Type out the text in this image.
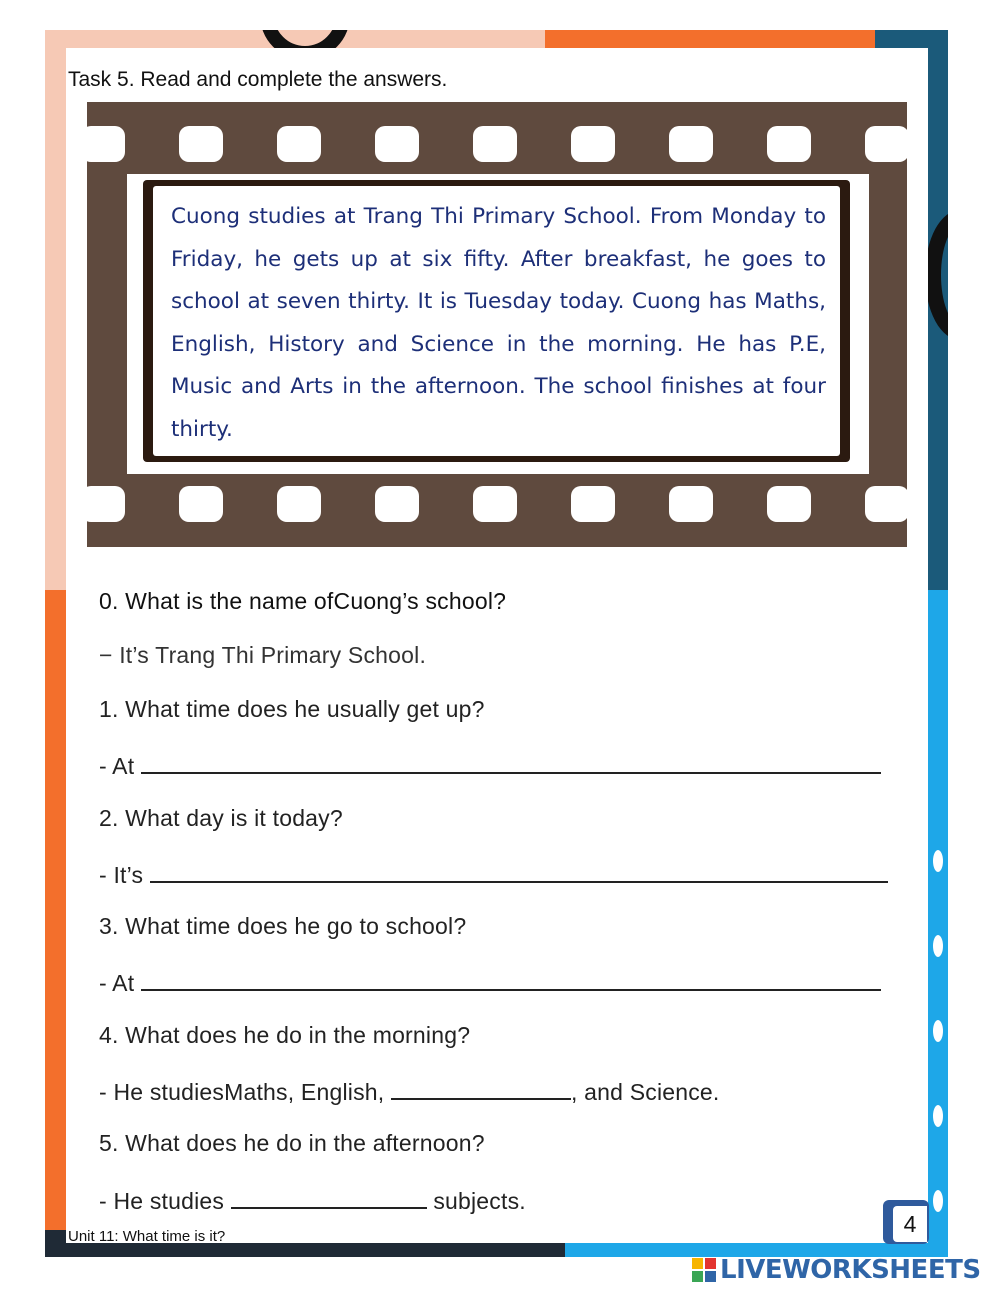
Task 5. Read and complete the answers.
Cuong studies at Trang Thi Primary School. From Monday to Friday, he gets up at six fifty. After breakfast, he goes to school at seven thirty. It is Tuesday today. Cuong has Maths, English, History and Science in the morning. He has P.E, Music and Arts in the afternoon. The school finishes at four thirty.
0. What is the name ofCuong’s school?
− It’s Trang Thi Primary School.
1. What time does he usually get up?
- At
2. What day is it today?
- It’s
3. What time does he go to school?
- At
4. What does he do in the morning?
- He studiesMaths, English,	, and Science.
5. What does he do in the afternoon?
- He studies	subjects.
Unit 11: What time is it?	4
LIVEWORKSHEETS
